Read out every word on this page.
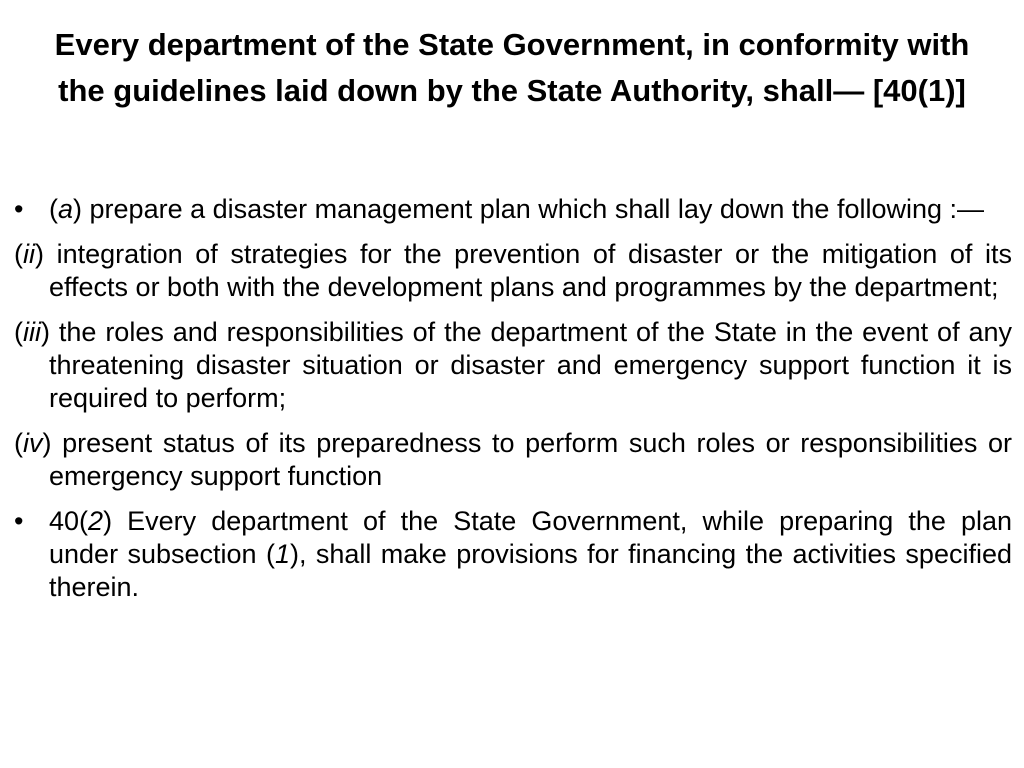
Every department of the State Government, in conformity with the guidelines laid down by the State Authority, shall— [40(1)]

• (a) prepare a disaster management plan which shall lay down the following :—

(ii) integration of strategies for the prevention of disaster or the mitigation of its effects or both with the development plans and programmes by the department;

(iii) the roles and responsibilities of the department of the State in the event of any threatening disaster situation or disaster and emergency support function it is required to perform;

(iv) present status of its preparedness to perform such roles or responsibilities or emergency support function

• 40(2) Every department of the State Government, while preparing the plan under subsection (1), shall make provisions for financing the activities specified therein.
